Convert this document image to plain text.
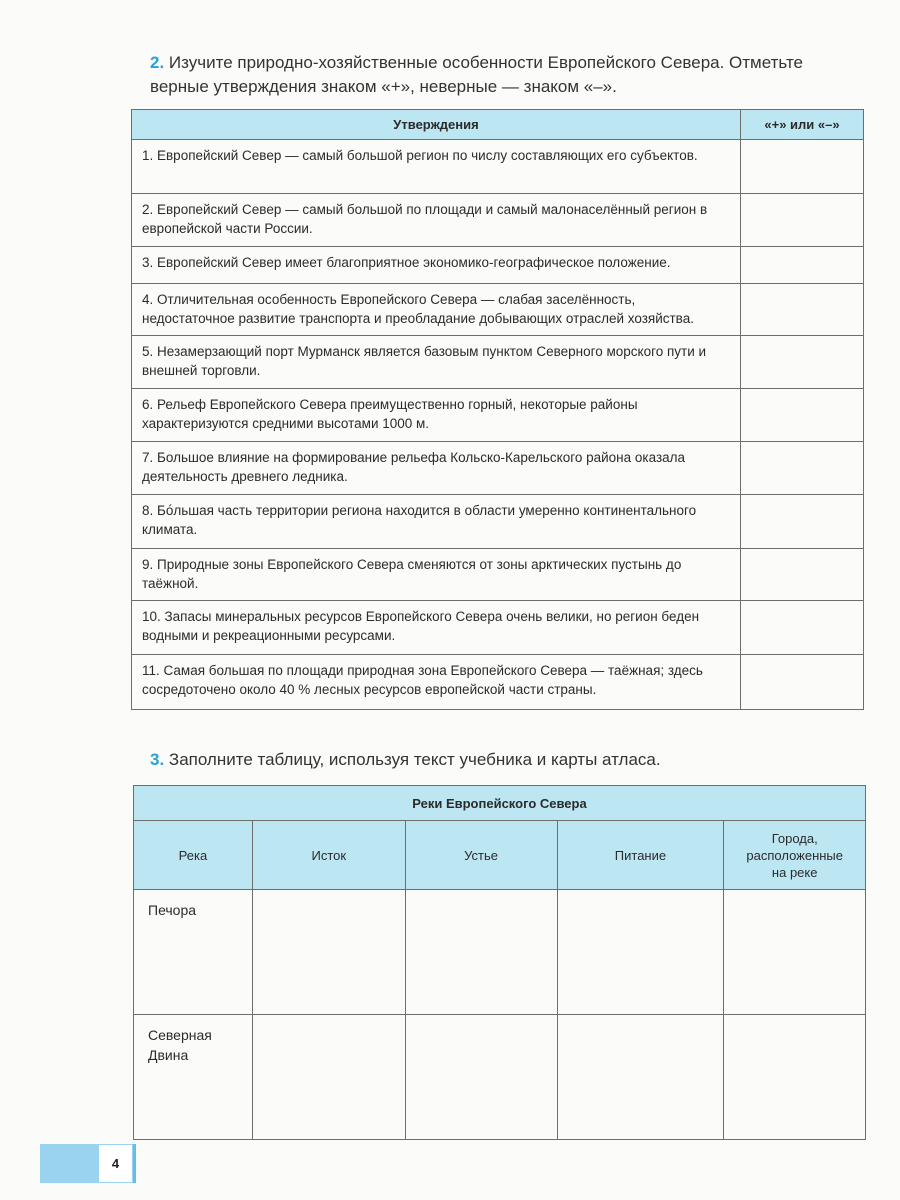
2. Изучите природно-хозяйственные особенности Европейского Севера. Отметьте верные утверждения знаком «+», неверные — знаком «–».
Утверждения	«+» или «–»
1. Европейский Север — самый большой регион по числу составляющих его субъектов.	
2. Европейский Север — самый большой по площади и самый малонаселённый регион в европейской части России.	
3. Европейский Север имеет благоприятное экономико-географическое положение.	
4. Отличительная особенность Европейского Севера — слабая заселённость, недостаточное развитие транспорта и преобладание добывающих отраслей хозяйства.	
5. Незамерзающий порт Мурманск является базовым пунктом Северного морского пути и внешней торговли.	
6. Рельеф Европейского Севера преимущественно горный, некоторые районы характеризуются средними высотами 1000 м.	
7. Большое влияние на формирование рельефа Кольско-Карельского района оказала деятельность древнего ледника.	
8. Бо́льшая часть территории региона находится в области умеренно континентального климата.	
9. Природные зоны Европейского Севера сменяются от зоны арктических пустынь до таёжной.	
10. Запасы минеральных ресурсов Европейского Севера очень велики, но регион беден водными и рекреационными ресурсами.	
11. Самая большая по площади природная зона Европейского Севера — таёжная; здесь сосредоточено около 40 % лесных ресурсов европейской части страны.	
3. Заполните таблицу, используя текст учебника и карты атласа.
Реки Европейского Севера				
Река	Исток	Устье	Питание	Города, расположенные на реке
Печора				
Северная Двина				
4
